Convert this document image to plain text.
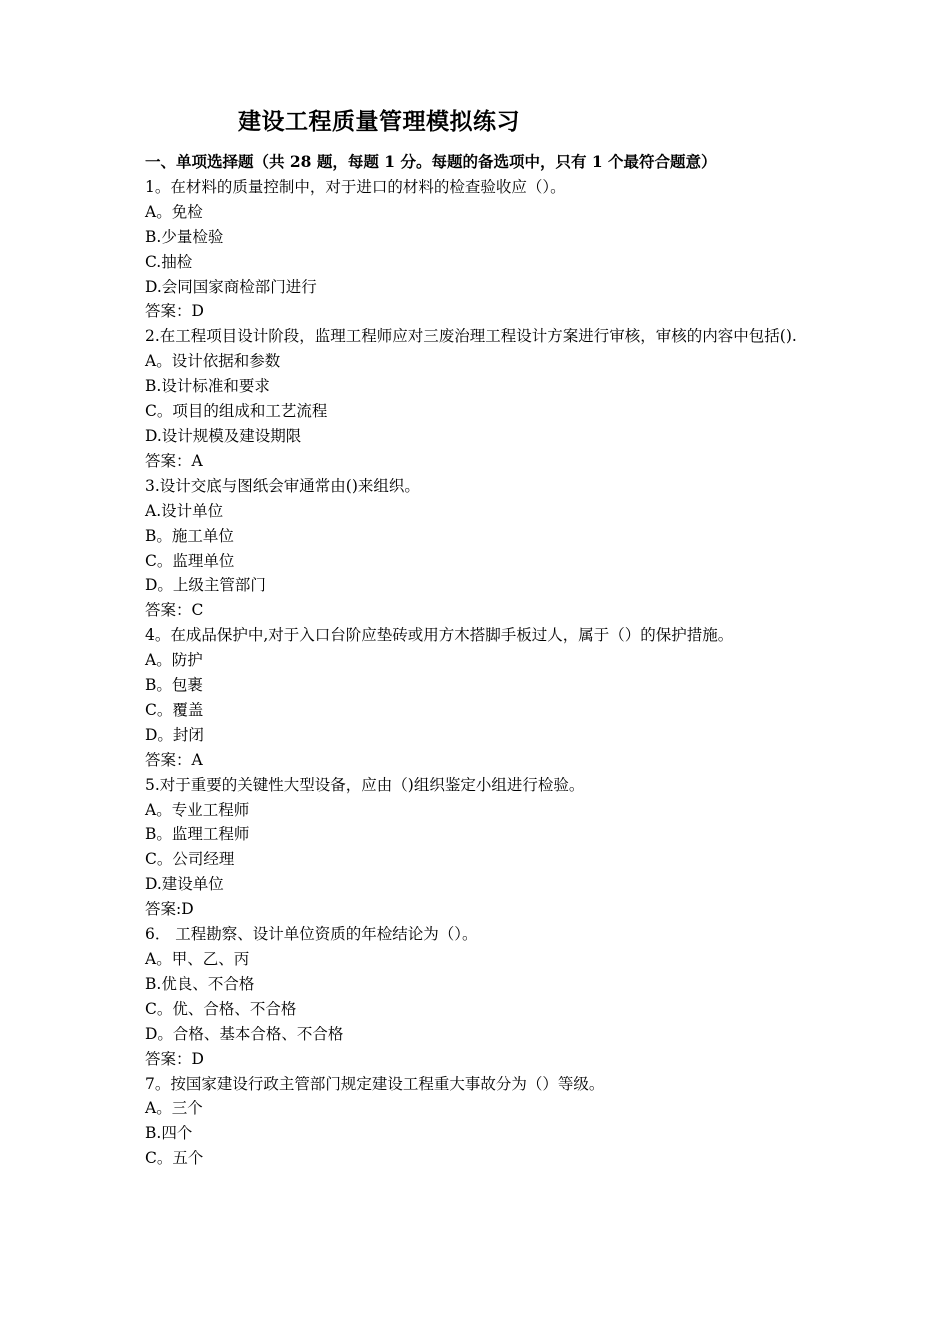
建设工程质量管理模拟练习
一、单项选择题（共 28 题，每题 1 分。每题的备选项中，只有 1 个最符合题意）
1。在材料的质量控制中，对于进口的材料的检查验收应（）。
A。免检
B.少量检验
C.抽检
D.会同国家商检部门进行
答案：D
2.在工程项目设计阶段，监理工程师应对三废治理工程设计方案进行审核，审核的内容中包括().
A。设计依据和参数
B.设计标准和要求
C。项目的组成和工艺流程
D.设计规模及建设期限
答案：A
3.设计交底与图纸会审通常由()来组织。
A.设计单位
B。施工单位
C。监理单位
D。上级主管部门
答案：C
4。在成品保护中,对于入口台阶应垫砖或用方木搭脚手板过人，属于（）的保护措施。
A。防护
B。包裹
C。覆盖
D。封闭
答案：A
5.对于重要的关键性大型设备，应由（)组织鉴定小组进行检验。
A。专业工程师
B。监理工程师
C。公司经理
D.建设单位
答案:D
6． 工程勘察、设计单位资质的年检结论为（）。
A。甲、乙、丙
B.优良、不合格
C。优、合格、不合格
D。合格、基本合格、不合格
答案：D
7。按国家建设行政主管部门规定建设工程重大事故分为（）等级。
A。三个
B.四个
C。五个
